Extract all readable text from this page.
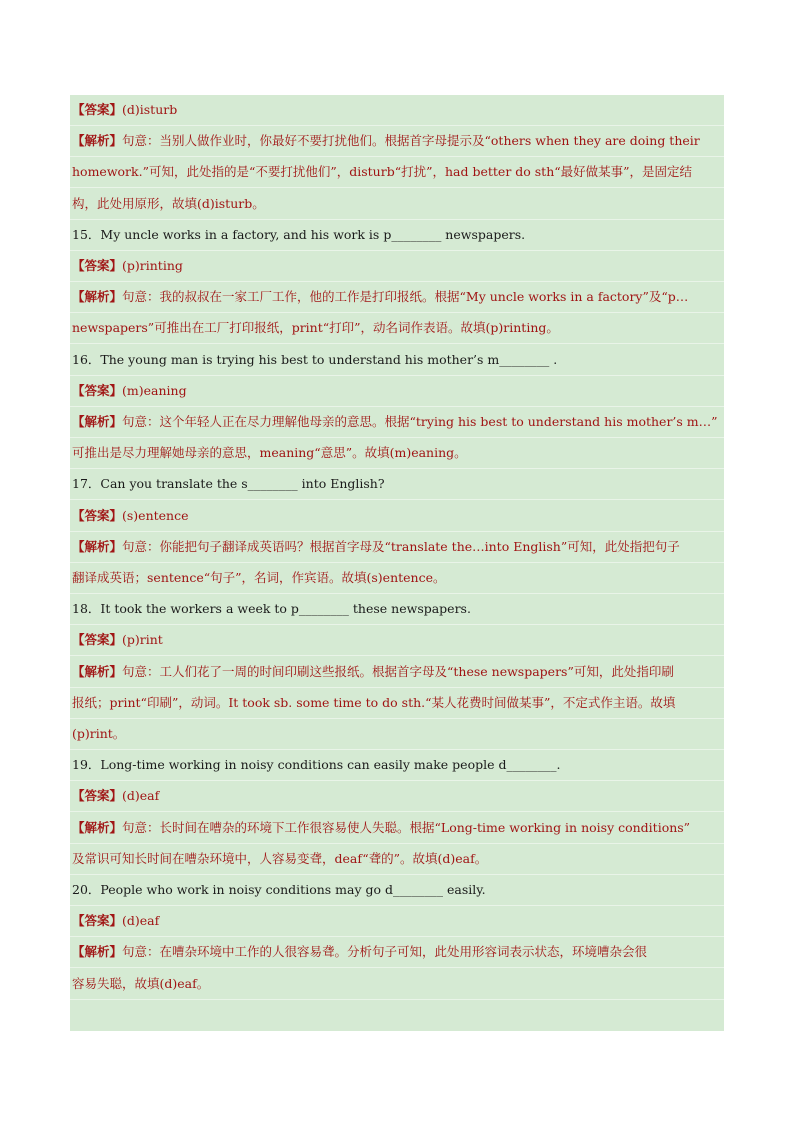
【答案】(d)isturb
【解析】句意：当别人做作业时，你最好不要打扰他们。根据首字母提示及“others when they are doing their
homework.”可知，此处指的是“不要打扰他们”，disturb“打扰”，had better do sth“最好做某事”，是固定结
构，此处用原形，故填(d)isturb。
15．My uncle works in a factory, and his work is p________ newspapers.
【答案】(p)rinting
【解析】句意：我的叔叔在一家工厂工作，他的工作是打印报纸。根据“My uncle works in a factory”及“p…
newspapers”可推出在工厂打印报纸，print“打印”，动名词作表语。故填(p)rinting。
16．The young man is trying his best to understand his mother’s m________ .
【答案】(m)eaning
【解析】句意：这个年轻人正在尽力理解他母亲的意思。根据“trying his best to understand his mother’s m…”
可推出是尽力理解她母亲的意思，meaning“意思”。故填(m)eaning。
17．Can you translate the s________ into English?
【答案】(s)entence
【解析】句意：你能把句子翻译成英语吗？根据首字母及“translate the…into English”可知，此处指把句子
翻译成英语；sentence“句子”，名词，作宾语。故填(s)entence。
18．It took the workers a week to p________ these newspapers.
【答案】(p)rint
【解析】句意：工人们花了一周的时间印刷这些报纸。根据首字母及“these newspapers”可知，此处指印刷
报纸；print“印刷”，动词。It took sb. some time to do sth.“某人花费时间做某事”，不定式作主语。故填
(p)rint。
19．Long-time working in noisy conditions can easily make people d________.
【答案】(d)eaf
【解析】句意：长时间在嘈杂的环境下工作很容易使人失聪。根据“Long-time working in noisy conditions”
及常识可知长时间在嘈杂环境中，人容易变聋，deaf“聋的”。故填(d)eaf。
20．People who work in noisy conditions may go d________ easily.
【答案】(d)eaf
【解析】句意：在嘈杂环境中工作的人很容易聋。分析句子可知，此处用形容词表示状态，环境嘈杂会很
容易失聪，故填(d)eaf。
